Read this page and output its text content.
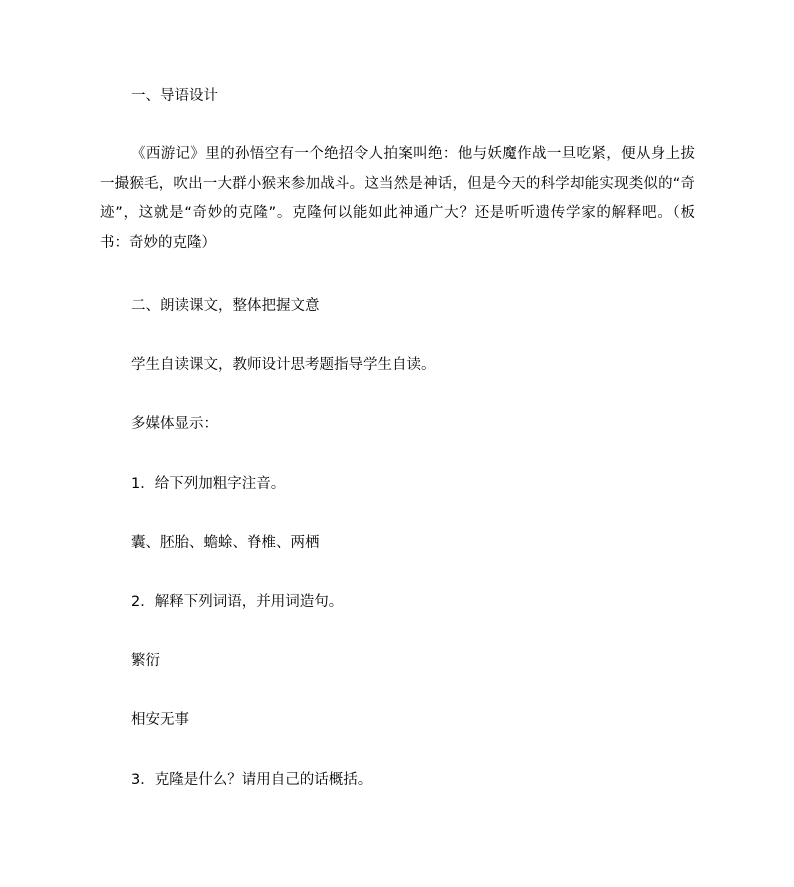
一、导语设计
《西游记》里的孙悟空有一个绝招令人拍案叫绝：他与妖魔作战一旦吃紧，便从身上拔一撮猴毛，吹出一大群小猴来参加战斗。这当然是神话，但是今天的科学却能实现类似的“奇迹”，这就是“奇妙的克隆”。克隆何以能如此神通广大？还是听听遗传学家的解释吧。（板书：奇妙的克隆）
二、朗读课文，整体把握文意
学生自读课文，教师设计思考题指导学生自读。
多媒体显示：
1．给下列加粗字注音。
囊、胚胎、蟾蜍、脊椎、两栖
2．解释下列词语，并用词造句。
繁衍
相安无事
3．克隆是什么？请用自己的话概括。
